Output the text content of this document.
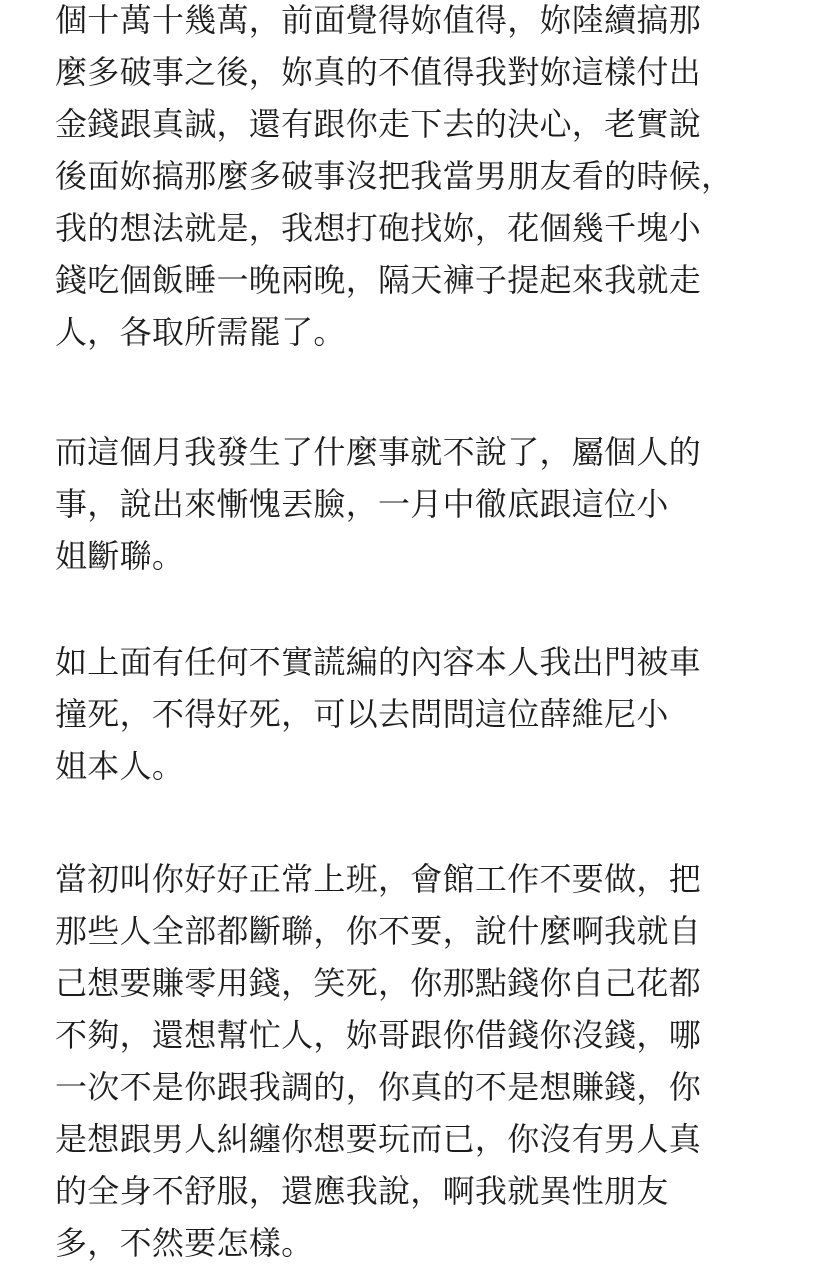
個十萬十幾萬，前面覺得妳值得，妳陸續搞那
麼多破事之後，妳真的不值得我對妳這樣付出
金錢跟真誠，還有跟你走下去的決心，老實說
後面妳搞那麼多破事沒把我當男朋友看的時候，
我的想法就是，我想打砲找妳，花個幾千塊小
錢吃個飯睡一晚兩晚，隔天褲子提起來我就走
人，各取所需罷了。
而這個月我發生了什麼事就不說了，屬個人的
事，說出來慚愧丟臉，一月中徹底跟這位小
姐斷聯。
如上面有任何不實謊編的內容本人我出門被車
撞死，不得好死，可以去問問這位薛維尼小
姐本人。
當初叫你好好正常上班，會館工作不要做，把
那些人全部都斷聯，你不要，說什麼啊我就自
己想要賺零用錢，笑死，你那點錢你自己花都
不夠，還想幫忙人，妳哥跟你借錢你沒錢，哪
一次不是你跟我調的，你真的不是想賺錢，你
是想跟男人糾纏你想要玩而已，你沒有男人真
的全身不舒服，還應我說，啊我就異性朋友
多，不然要怎樣。
